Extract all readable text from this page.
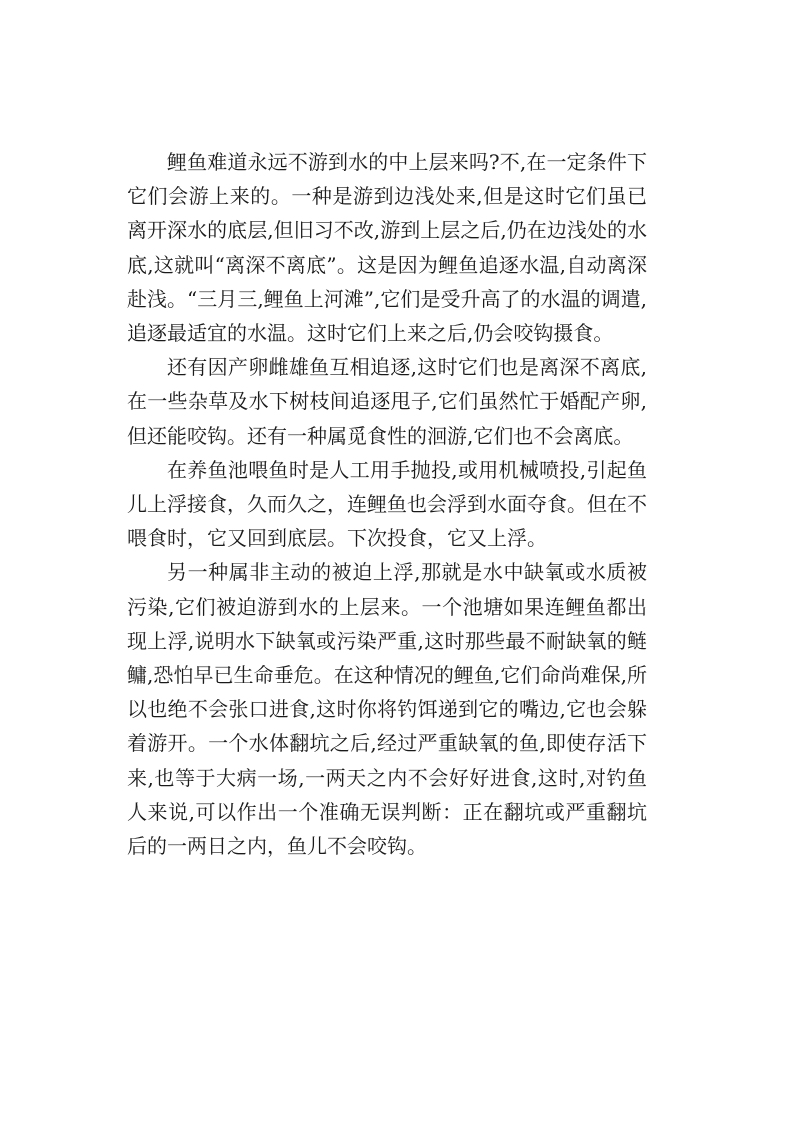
鲤鱼难道永远不游到水的中上层来吗?不,在一定条件下它们会游上来的。一种是游到边浅处来,但是这时它们虽已离开深水的底层,但旧习不改,游到上层之后,仍在边浅处的水底,这就叫“离深不离底”。这是因为鲤鱼追逐水温,自动离深赴浅。“三月三,鲤鱼上河滩”,它们是受升高了的水温的调遣,追逐最适宜的水温。这时它们上来之后,仍会咬钩摄食。

还有因产卵雌雄鱼互相追逐,这时它们也是离深不离底,在一些杂草及水下树枝间追逐甩子,它们虽然忙于婚配产卵,但还能咬钩。还有一种属觅食性的洄游,它们也不会离底。

在养鱼池喂鱼时是人工用手抛投,或用机械喷投,引起鱼儿上浮接食，久而久之，连鲤鱼也会浮到水面夺食。但在不喂食时，它又回到底层。下次投食，它又上浮。

另一种属非主动的被迫上浮,那就是水中缺氧或水质被污染,它们被迫游到水的上层来。一个池塘如果连鲤鱼都出现上浮,说明水下缺氧或污染严重,这时那些最不耐缺氧的鲢鳙,恐怕早已生命垂危。在这种情况的鲤鱼,它们命尚难保,所以也绝不会张口进食,这时你将钓饵递到它的嘴边,它也会躲着游开。一个水体翻坑之后,经过严重缺氧的鱼,即使存活下来,也等于大病一场,一两天之内不会好好进食,这时,对钓鱼人来说,可以作出一个准确无误判断：正在翻坑或严重翻坑后的一两日之内，鱼儿不会咬钩。
